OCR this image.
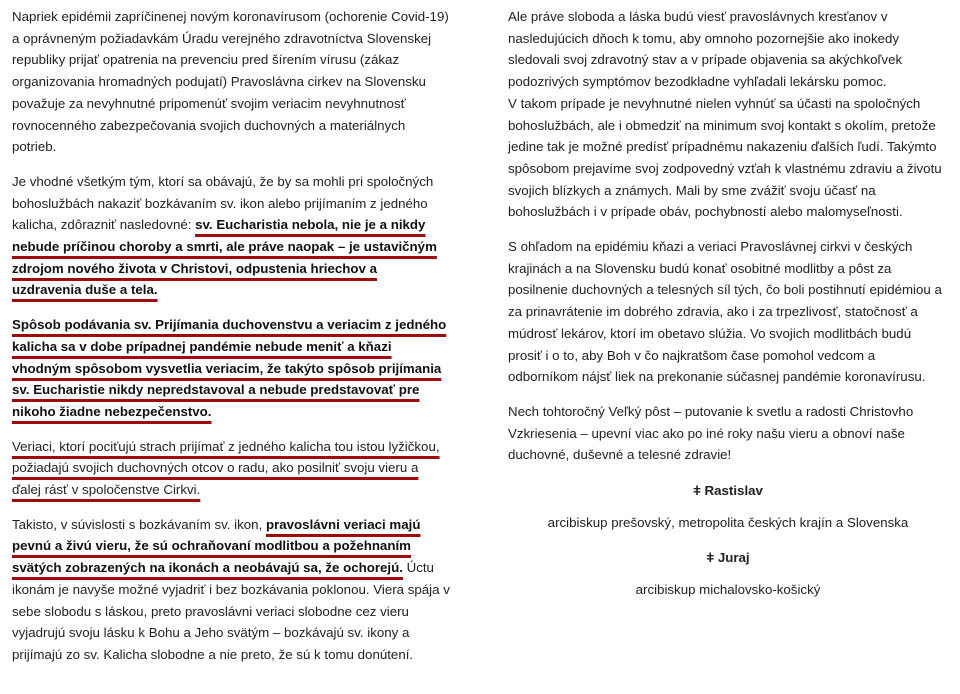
Napriek epidémii zapríčinenej novým koronavírusom (ochorenie Covid-19) a oprávneným požiadavkám Úradu verejného zdravotníctva Slovenskej republiky prijať opatrenia na prevenciu pred šírením vírusu (zákaz organizovania hromadných podujatí) Pravoslávna cirkev na Slovensku považuje za nevyhnutné pripomenúť svojim veriacim nevyhnutnosť rovnocenného zabezpečovania svojich duchovných a materiálnych potrieb.

Je vhodné všetkým tým, ktorí sa obávajú, že by sa mohli pri spoločných bohoslužbách nakaziť bozkávaním sv. ikon alebo prijímaním z jedného kalicha, zdôrazniť nasledovné: sv. Eucharistia nebola, nie je a nikdy nebude príčinou choroby a smrti, ale práve naopak – je ustavičným zdrojom nového života v Christovi, odpustenia hriechov a uzdravenia duše a tela.

Spôsob podávania sv. Prijímania duchovenstvu a veriacim z jedného kalicha sa v dobe prípadnej pandémie nebude meniť a kňazi vhodným spôsobom vysvetlia veriacim, že takýto spôsob prijímania sv. Eucharistie nikdy nepredstavoval a nebude predstavovať pre nikoho žiadne nebezpečenstvo.

Veriaci, ktorí pociťujú strach prijímať z jedného kalicha tou istou lyžičkou, požiadajú svojich duchovných otcov o radu, ako posilniť svoju vieru a ďalej rásť v spoločenstve Cirkvi.

Takisto, v súvislosti s bozkávaním sv. ikon, pravoslávni veriaci majú pevnú a živú vieru, že sú ochraňovaní modlitbou a požehnaním svätých zobrazených na ikonách a neobávajú sa, že ochorejú. Úctu ikonám je navyše možné vyjadriť i bez bozkávania poklonou. Viera spája v sebe slobodu s láskou, preto pravoslávni veriaci slobodne cez vieru vyjadrujú svoju lásku k Bohu a Jeho svätým – bozkávajú sv. ikony a prijímajú zo sv. Kalicha slobodne a nie preto, že sú k tomu donútení.

Ale práve sloboda a láska budú viesť pravoslávnych kresťanov v nasledujúcich dňoch k tomu, aby omnoho pozornejšie ako inokedy sledovali svoj zdravotný stav a v prípade objavenia sa akýchkoľvek podozrivých symptómov bezodkladne vyhľadali lekársku pomoc.

V takom prípade je nevyhnutné nielen vyhnúť sa účasti na spoločných bohoslužbách, ale i obmedziť na minimum svoj kontakt s okolím, pretože jedine tak je možné predísť prípadnému nakazeniu ďalších ľudí. Takýmto spôsobom prejavíme svoj zodpovedný vzťah k vlastnému zdraviu a životu svojich blízkych a známych. Mali by sme zvážiť svoju účasť na bohoslužbách i v prípade obáv, pochybností alebo malomyseľnosti.

S ohľadom na epidémiu kňazi a veriaci Pravoslávnej cirkvi v českých krajinách a na Slovensku budú konať osobitné modlitby a pôst za posilnenie duchovných a telesných síl tých, čo boli postihnutí epidémiou a za prinavrátenie im dobrého zdravia, ako i za trpezlivosť, statočnosť a múdrosť lekárov, ktorí im obetavo slúžia. Vo svojich modlitbách budú prosiť i o to, aby Boh v čo najkratšom čase pomohol vedcom a odborníkom nájsť liek na prekonanie súčasnej pandémie koronavírusu.

Nech tohtoročný Veľký pôst – putovanie k svetlu a radosti Christovho Vzkriesenia – upevní viac ako po iné roky našu vieru a obnoví naše duchovné, duševné a telesné zdravie!

ǂ Rastislav
arcibiskup prešovský, metropolita českých krajín a Slovenska
ǂ Juraj
arcibiskup michalovsko-košický
